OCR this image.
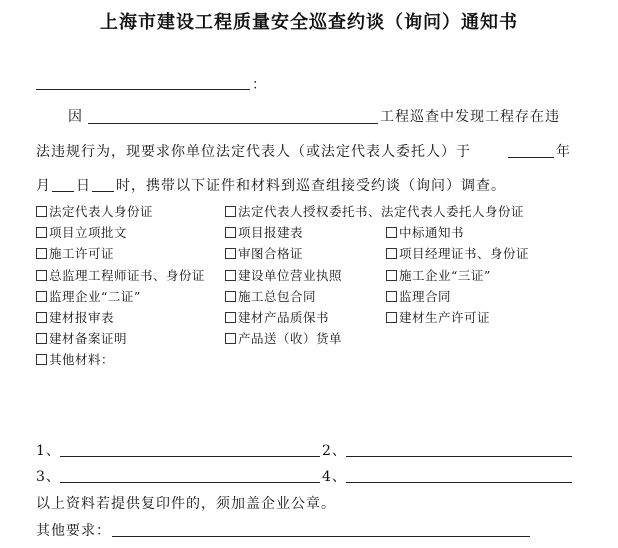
上海市建设工程质量安全巡查约谈（询问）通知书
：
因	工程巡查中发现工程存在违
法违规行为，现要求你单位法定代表人（或法定代表人委托人）于	年
月 日 时，携带以下证件和材料到巡查组接受约谈（询问）调查。
法定代表人身份证	法定代表人授权委托书、法定代表人委托人身份证
项目立项批文	项目报建表	中标通知书
施工许可证	审图合格证	项目经理证书、身份证
总监理工程师证书、身份证	建设单位营业执照	施工企业“三证”
监理企业“二证”	施工总包合同	监理合同
建材报审表	建材产品质保书	建材生产许可证
建材备案证明	产品送（收）货单
其他材料：
1、	2、
3、	4、
以上资料若提供复印件的，须加盖企业公章。
其他要求：
